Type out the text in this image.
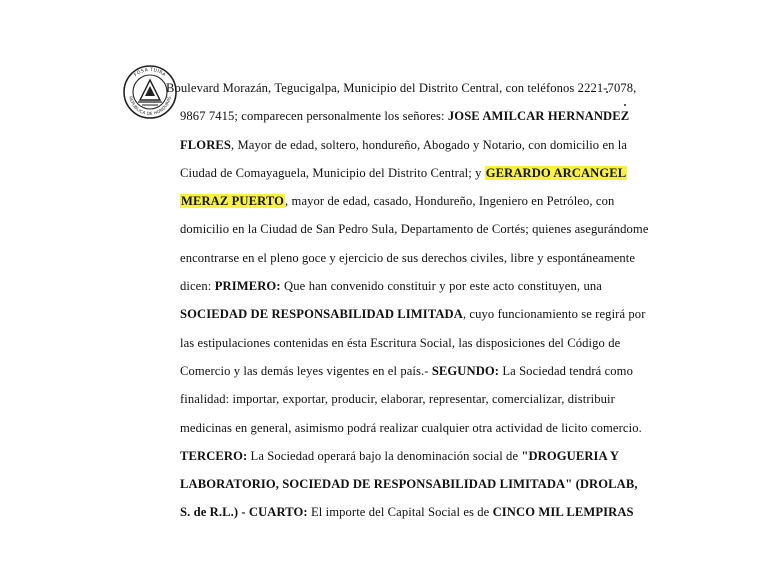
FOSA TUIRA
REPUBLICA DE HONDURAS
Boulevard Morazán, Tegucigalpa, Municipio del Distrito Central, con teléfonos 2221-7078,
9867 7415; comparecen personalmente los señores: JOSE AMILCAR HERNANDEZ
FLORES, Mayor de edad, soltero, hondureño, Abogado y Notario, con domicilio en la
Ciudad de Comayaguela, Municipio del Distrito Central; y GERARDO ARCANGEL
MERAZ PUERTO, mayor de edad, casado, Hondureño, Ingeniero en Petróleo, con
domicilio en la Ciudad de San Pedro Sula, Departamento de Cortés; quienes asegurándome
encontrarse en el pleno goce y ejercicio de sus derechos civiles, libre y espontáneamente
dicen: PRIMERO: Que han convenido constituir y por este acto constituyen, una
SOCIEDAD DE RESPONSABILIDAD LIMITADA, cuyo funcionamiento se regirá por
las estipulaciones contenidas en ésta Escritura Social, las disposiciones del Código de
Comercio y las demás leyes vigentes en el país.- SEGUNDO: La Sociedad tendrá como
finalidad: importar, exportar, producir, elaborar, representar, comercializar, distribuir
medicinas en general, asimismo podrá realizar cualquier otra actividad de licito comercio.
TERCERO: La Sociedad operará bajo la denominación social de "DROGUERIA Y
LABORATORIO, SOCIEDAD DE RESPONSABILIDAD LIMITADA" (DROLAB,
S. de R.L.) - CUARTO: El importe del Capital Social es de CINCO MIL LEMPIRAS
